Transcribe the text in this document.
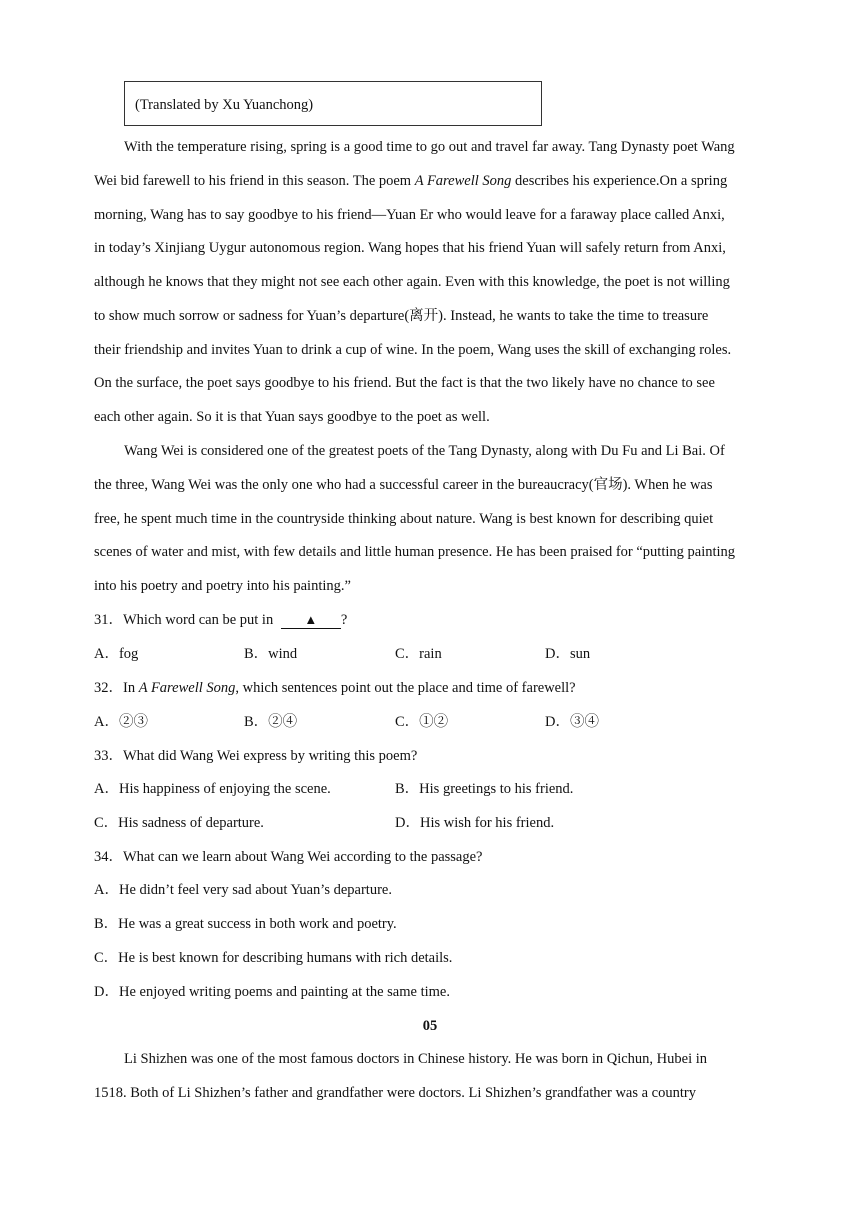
(Translated by Xu Yuanchong)
With the temperature rising, spring is a good time to go out and travel far away. Tang Dynasty poet Wang
Wei bid farewell to his friend in this season. The poem A Farewell Song describes his experience.On a spring
morning, Wang has to say goodbye to his friend—Yuan Er who would leave for a faraway place called Anxi,
in today’s Xinjiang Uygur autonomous region. Wang hopes that his friend Yuan will safely return from Anxi,
although he knows that they might not see each other again. Even with this knowledge, the poet is not willing
to show much sorrow or sadness for Yuan’s departure(离开). Instead, he wants to take the time to treasure
their friendship and invites Yuan to drink a cup of wine. In the poem, Wang uses the skill of exchanging roles.
On the surface, the poet says goodbye to his friend. But the fact is that the two likely have no chance to see
each other again. So it is that Yuan says goodbye to the poet as well.
Wang Wei is considered one of the greatest poets of the Tang Dynasty, along with Du Fu and Li Bai. Of
the three, Wang Wei was the only one who had a successful career in the bureaucracy(官场). When he was
free, he spent much time in the countryside thinking about nature. Wang is best known for describing quiet
scenes of water and mist, with few details and little human presence. He has been praised for “putting painting
into his poetry and poetry into his painting.”
31．Which word can be put in ▲ ?
A．fog	B．wind	C．rain	D．sun
32．In A Farewell Song, which sentences point out the place and time of farewell?
A．②③	B．②④	C．①②	D．③④
33．What did Wang Wei express by writing this poem?
A．His happiness of enjoying the scene.	B．His greetings to his friend.
C．His sadness of departure.	D．His wish for his friend.
34．What can we learn about Wang Wei according to the passage?
A．He didn’t feel very sad about Yuan’s departure.
B．He was a great success in both work and poetry.
C．He is best known for describing humans with rich details.
D．He enjoyed writing poems and painting at the same time.
05
Li Shizhen was one of the most famous doctors in Chinese history. He was born in Qichun, Hubei in
1518. Both of Li Shizhen’s father and grandfather were doctors. Li Shizhen’s grandfather was a country
